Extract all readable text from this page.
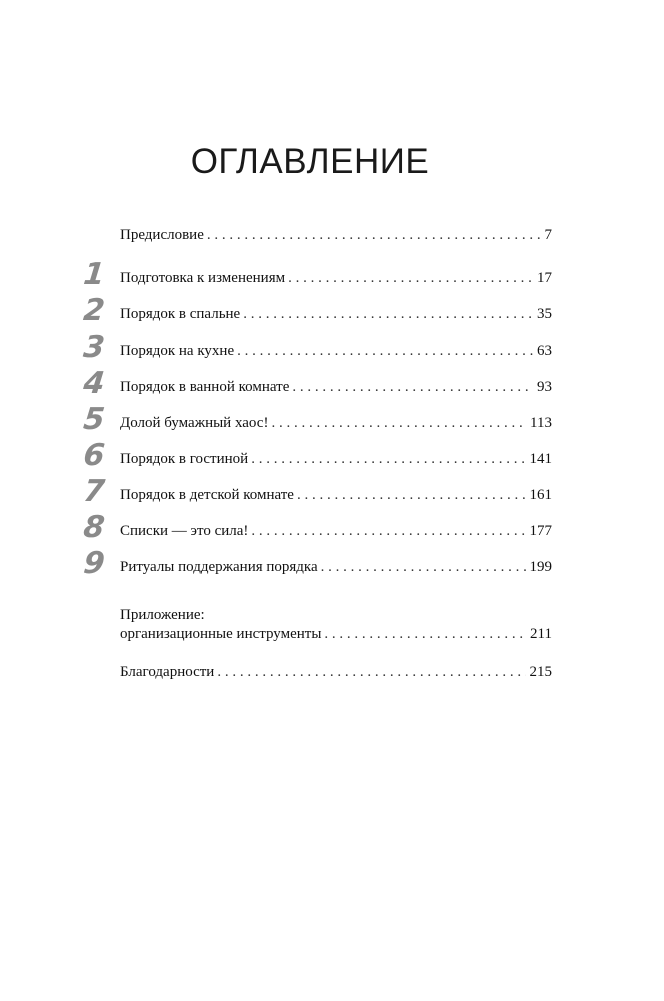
ОГЛАВЛЕНИЕ
Предисловие . . .	7
1 Подготовка к изменениям . . .	17
2 Порядок в спальне . . .	35
3 Порядок на кухне . . .	63
4 Порядок в ванной комнате . . .	93
5 Долой бумажный хаос! . . .	113
6 Порядок в гостиной . . .	141
7 Порядок в детской комнате . . .	161
8 Списки — это сила! . . .	177
9 Ритуалы поддержания порядка . . .	199
Приложение:
организационные инструменты . . .	211
Благодарности . . .	215
